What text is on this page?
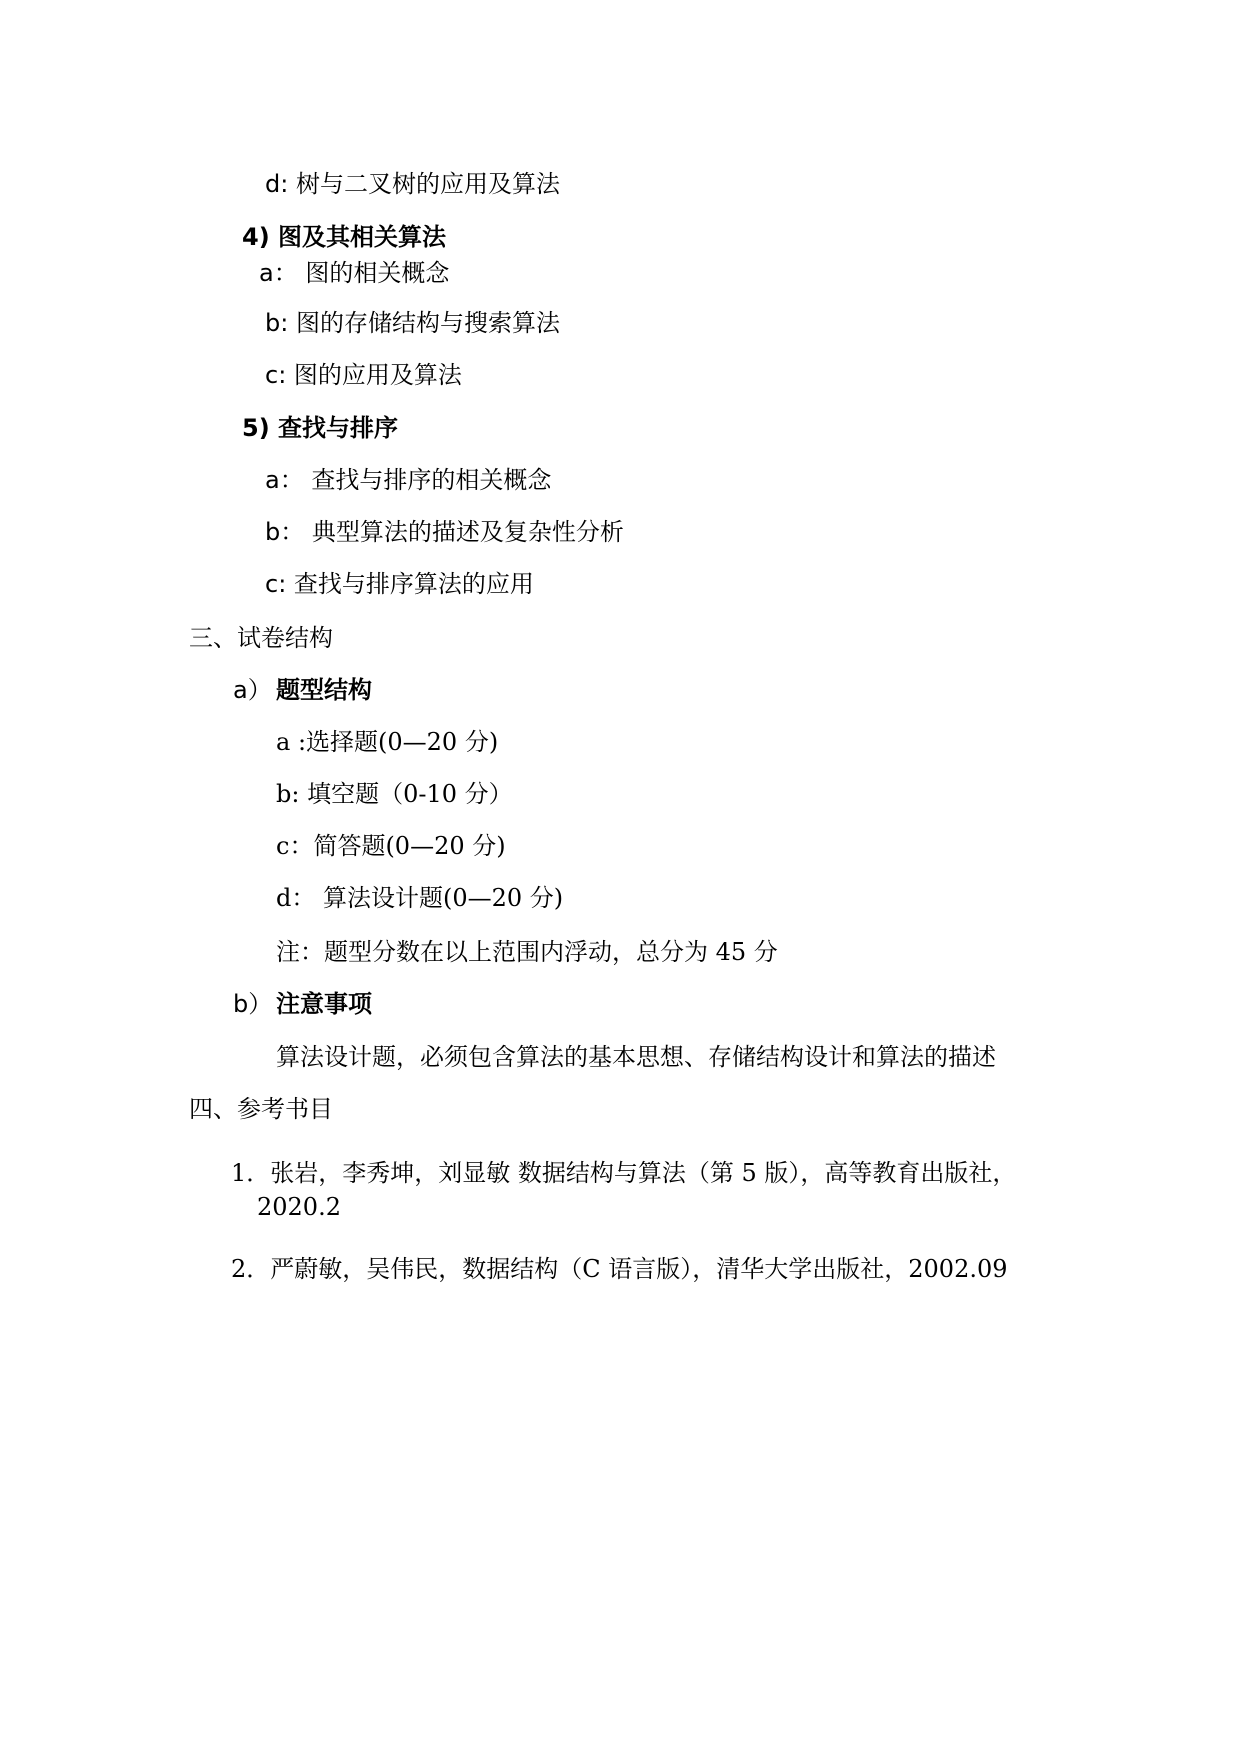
d: 树与二叉树的应用及算法
4) 图及其相关算法
a： 图的相关概念
b: 图的存储结构与搜索算法
c: 图的应用及算法
5) 查找与排序
a： 查找与排序的相关概念
b： 典型算法的描述及复杂性分析
c: 查找与排序算法的应用
三、试卷结构
a） 题型结构
a :选择题(0—20 分)
b: 填空题（0-10 分）
c：简答题(0—20 分)
d： 算法设计题(0—20 分)
注：题型分数在以上范围内浮动，总分为 45 分
b） 注意事项
算法设计题，必须包含算法的基本思想、存储结构设计和算法的描述
四、参考书目
1．张岩，李秀坤，刘显敏 数据结构与算法（第 5 版），高等教育出版社，
2020.2
2．严蔚敏，吴伟民，数据结构（C 语言版），清华大学出版社，2002.09
